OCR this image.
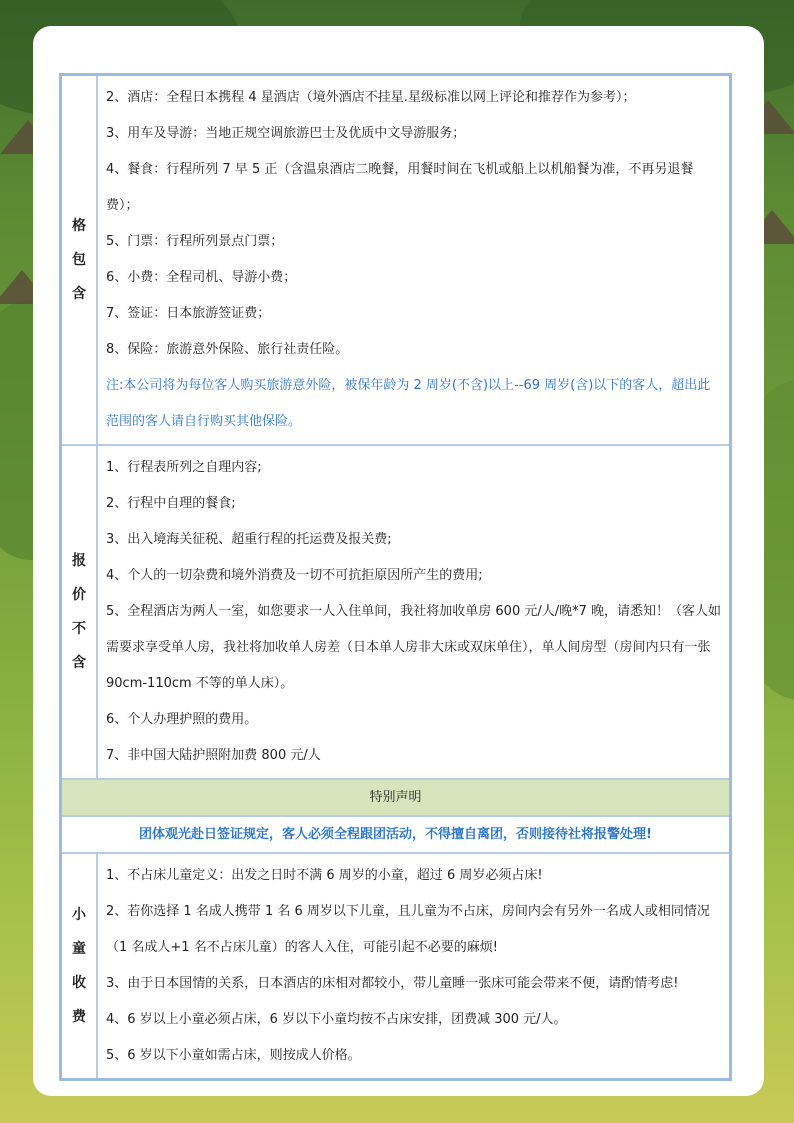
格
包
含

2、酒店：全程日本携程 4 星酒店（境外酒店不挂星.星级标准以网上评论和推荐作为参考）；

3、用车及导游：当地正规空调旅游巴士及优质中文导游服务；

4、餐食：行程所列 7 早 5 正（含温泉酒店二晚餐，用餐时间在飞机或船上以机船餐为准，不再另退餐费）；

5、门票：行程所列景点门票；

6、小费：全程司机、导游小费；

7、签证：日本旅游签证费；

8、保险：旅游意外保险、旅行社责任险。

注:本公司将为每位客人购买旅游意外险，被保年龄为 2 周岁(不含)以上--69 周岁(含)以下的客人，超出此范围的客人请自行购买其他保险。

报
价
不
含

1、行程表所列之自理内容;

2、行程中自理的餐食;

3、出入境海关征税、超重行程的托运费及报关费;

4、个人的一切杂费和境外消费及一切不可抗拒原因所产生的费用;

5、全程酒店为两人一室，如您要求一人入住单间，我社将加收单房 600 元/人/晚*7 晚，请悉知！（客人如需要求享受单人房，我社将加收单人房差（日本单人房非大床或双床单住），单人间房型（房间内只有一张 90cm-110cm 不等的单人床）。

6、个人办理护照的费用。

7、非中国大陆护照附加费 800 元/人

特别声明
团体观光赴日签证规定，客人必须全程跟团活动，不得擅自离团，否则接待社将报警处理!
小
童
收
费

1、不占床儿童定义：出发之日时不满 6 周岁的小童，超过 6 周岁必须占床!

2、若你选择 1 名成人携带 1 名 6 周岁以下儿童，且儿童为不占床，房间内会有另外一名成人或相同情况（1 名成人+1 名不占床儿童）的客人入住，可能引起不必要的麻烦!

3、由于日本国情的关系，日本酒店的床相对都较小，带儿童睡一张床可能会带来不便，请酌情考虑!

4、6 岁以上小童必须占床，6 岁以下小童均按不占床安排，团费减 300 元/人。

5、6 岁以下小童如需占床，则按成人价格。
